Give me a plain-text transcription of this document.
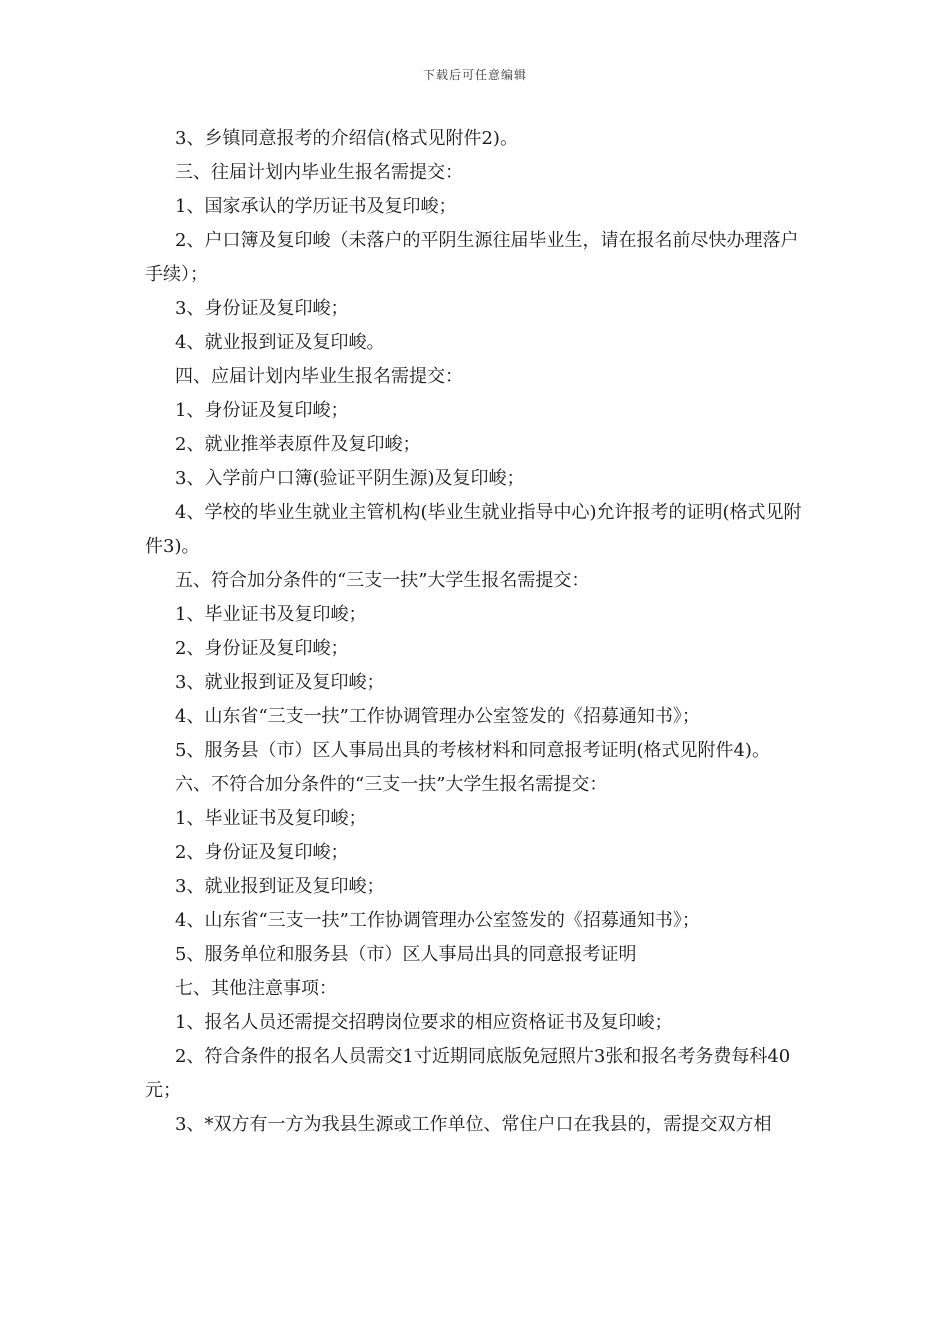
下载后可任意编辑

3、乡镇同意报考的介绍信(格式见附件2)。

三、往届计划内毕业生报名需提交：

1、国家承认的学历证书及复印峻；

2、户口簿及复印峻（未落户的平阴生源往届毕业生，请在报名前尽快办理落户手续）；

3、身份证及复印峻；

4、就业报到证及复印峻。

四、应届计划内毕业生报名需提交：

1、身份证及复印峻；

2、就业推举表原件及复印峻；

3、入学前户口簿(验证平阴生源)及复印峻；

4、学校的毕业生就业主管机构(毕业生就业指导中心)允许报考的证明(格式见附件3)。

五、符合加分条件的“三支一扶”大学生报名需提交：

1、毕业证书及复印峻；

2、身份证及复印峻；

3、就业报到证及复印峻；

4、山东省“三支一扶”工作协调管理办公室签发的《招募通知书》；

5、服务县（市）区人事局出具的考核材料和同意报考证明(格式见附件4)。

六、不符合加分条件的“三支一扶”大学生报名需提交：

1、毕业证书及复印峻；

2、身份证及复印峻；

3、就业报到证及复印峻；

4、山东省“三支一扶”工作协调管理办公室签发的《招募通知书》；

5、服务单位和服务县（市）区人事局出具的同意报考证明

七、其他注意事项：

1、报名人员还需提交招聘岗位要求的相应资格证书及复印峻；

2、符合条件的报名人员需交1寸近期同底版免冠照片3张和报名考务费每科40元；

3、*双方有一方为我县生源或工作单位、常住户口在我县的，需提交双方相
